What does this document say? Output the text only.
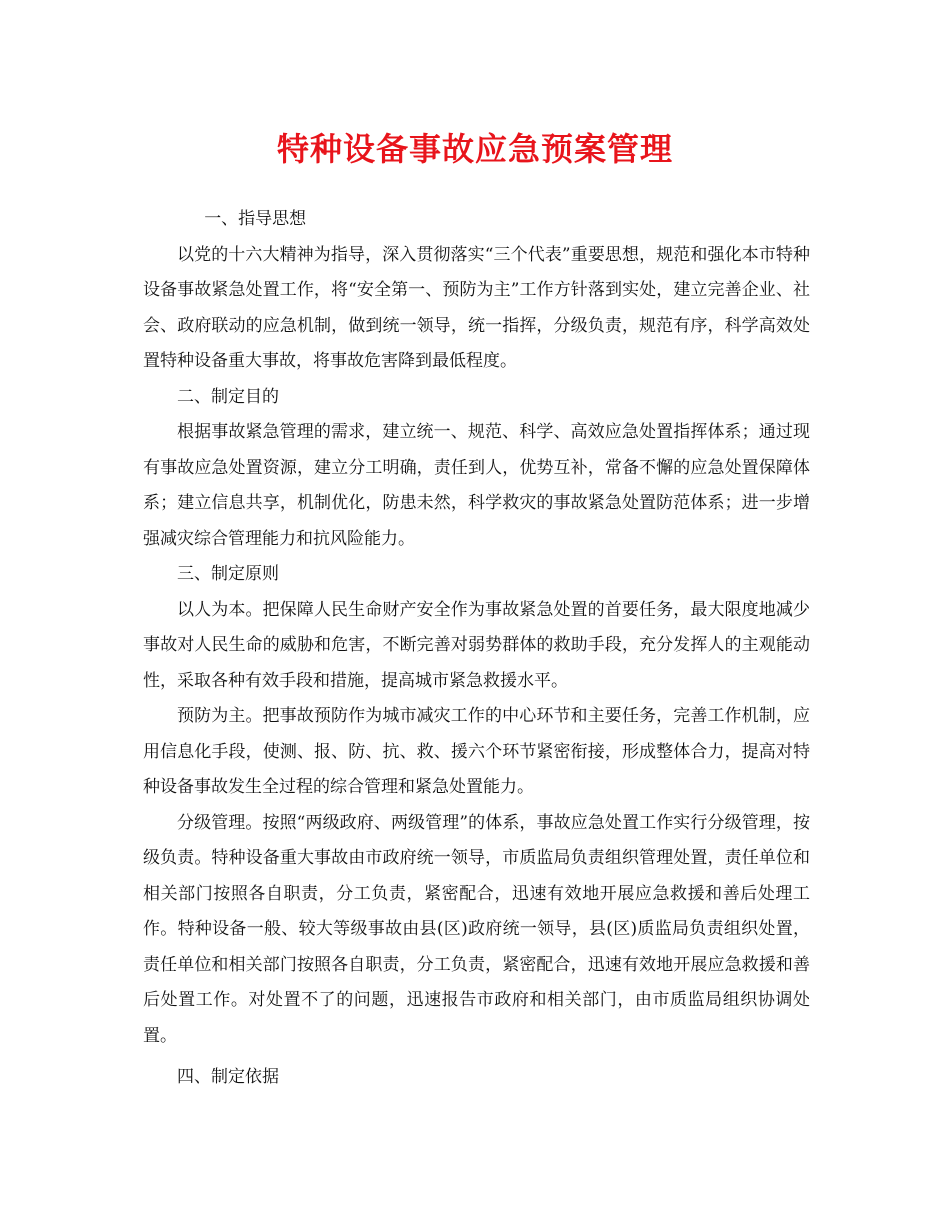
特种设备事故应急预案管理

一、指导思想

以党的十六大精神为指导，深入贯彻落实“三个代表”重要思想，规范和强化本市特种设备事故紧急处置工作，将“安全第一、预防为主”工作方针落到实处，建立完善企业、社会、政府联动的应急机制，做到统一领导，统一指挥，分级负责，规范有序，科学高效处置特种设备重大事故，将事故危害降到最低程度。

二、制定目的

根据事故紧急管理的需求，建立统一、规范、科学、高效应急处置指挥体系；通过现有事故应急处置资源，建立分工明确，责任到人，优势互补，常备不懈的应急处置保障体系；建立信息共享，机制优化，防患未然，科学救灾的事故紧急处置防范体系；进一步增强减灾综合管理能力和抗风险能力。

三、制定原则

以人为本。把保障人民生命财产安全作为事故紧急处置的首要任务，最大限度地减少事故对人民生命的威胁和危害，不断完善对弱势群体的救助手段，充分发挥人的主观能动性，采取各种有效手段和措施，提高城市紧急救援水平。

预防为主。把事故预防作为城市减灾工作的中心环节和主要任务，完善工作机制，应用信息化手段，使测、报、防、抗、救、援六个环节紧密衔接，形成整体合力，提高对特种设备事故发生全过程的综合管理和紧急处置能力。

分级管理。按照“两级政府、两级管理”的体系，事故应急处置工作实行分级管理，按级负责。特种设备重大事故由市政府统一领导，市质监局负责组织管理处置，责任单位和相关部门按照各自职责，分工负责，紧密配合，迅速有效地开展应急救援和善后处理工作。特种设备一般、较大等级事故由县(区)政府统一领导，县(区)质监局负责组织处置，责任单位和相关部门按照各自职责，分工负责，紧密配合，迅速有效地开展应急救援和善后处置工作。对处置不了的问题，迅速报告市政府和相关部门，由市质监局组织协调处置。

四、制定依据
